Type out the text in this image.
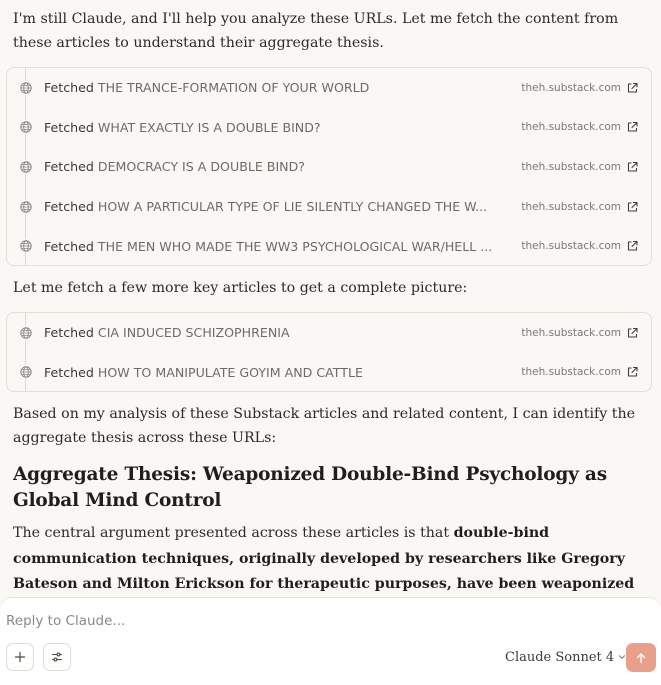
I'm still Claude, and I'll help you analyze these URLs. Let me fetch the content from these articles to understand their aggregate thesis.

Fetched THE TRANCE-FORMATION OF YOUR WORLD	theh.substack.com
Fetched WHAT EXACTLY IS A DOUBLE BIND?	theh.substack.com
Fetched DEMOCRACY IS A DOUBLE BIND?	theh.substack.com
Fetched HOW A PARTICULAR TYPE OF LIE SILENTLY CHANGED THE W...	theh.substack.com
Fetched THE MEN WHO MADE THE WW3 PSYCHOLOGICAL WAR/HELL ...	theh.substack.com

Let me fetch a few more key articles to get a complete picture:

Fetched CIA INDUCED SCHIZOPHRENIA	theh.substack.com
Fetched HOW TO MANIPULATE GOYIM AND CATTLE	theh.substack.com

Based on my analysis of these Substack articles and related content, I can identify the aggregate thesis across these URLs:

Aggregate Thesis: Weaponized Double-Bind Psychology as Global Mind Control

The central argument presented across these articles is that double-bind communication techniques, originally developed by researchers like Gregory Bateson and Milton Erickson for therapeutic purposes, have been weaponized

Reply to Claude...
Claude Sonnet 4
